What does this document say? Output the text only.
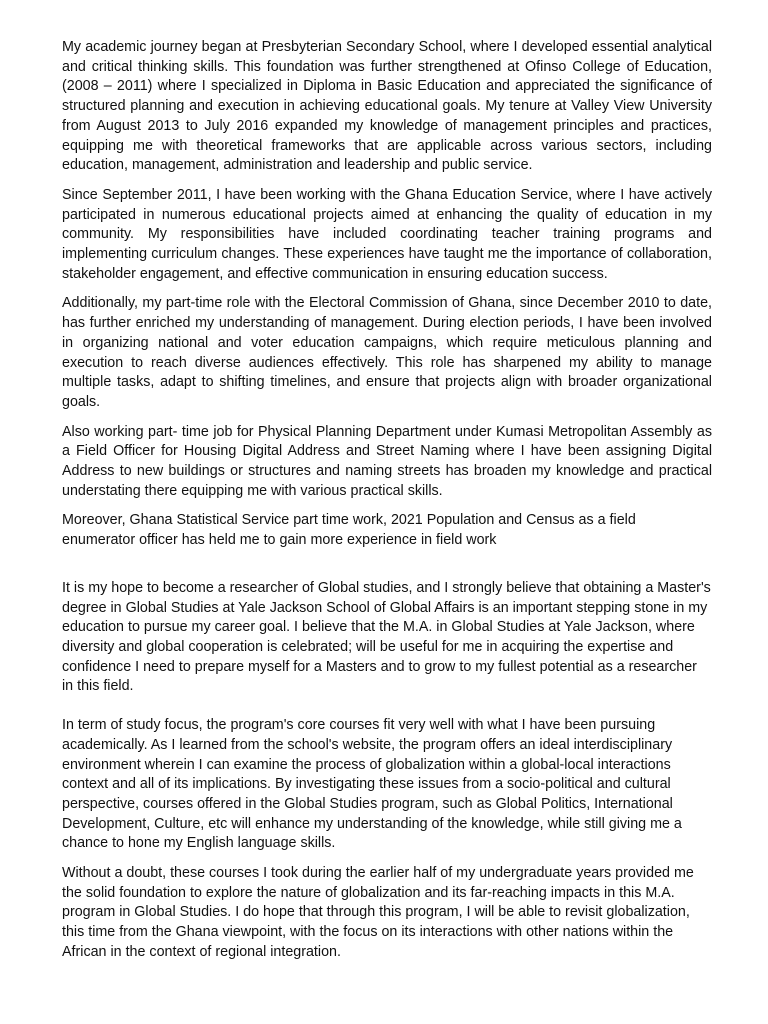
My academic journey began at Presbyterian Secondary School, where I developed essential analytical and critical thinking skills. This foundation was further strengthened at Ofinso College of Education, (2008 – 2011) where I specialized in Diploma in Basic Education and appreciated the significance of structured planning and execution in achieving educational goals. My tenure at Valley View University from August 2013 to July 2016 expanded my knowledge of management principles and practices, equipping me with theoretical frameworks that are applicable across various sectors, including education, management, administration and leadership and public service.

Since September 2011, I have been working with the Ghana Education Service, where I have actively participated in numerous educational projects aimed at enhancing the quality of education in my community. My responsibilities have included coordinating teacher training programs and implementing curriculum changes. These experiences have taught me the importance of collaboration, stakeholder engagement, and effective communication in ensuring education success.

Additionally, my part-time role with the Electoral Commission of Ghana, since December 2010 to date, has further enriched my understanding of management. During election periods, I have been involved in organizing national and voter education campaigns, which require meticulous planning and execution to reach diverse audiences effectively. This role has sharpened my ability to manage multiple tasks, adapt to shifting timelines, and ensure that projects align with broader organizational goals.

Also working part- time job for Physical Planning Department under Kumasi Metropolitan Assembly as a Field Officer for Housing Digital Address and Street Naming where I have been assigning Digital Address to new buildings or structures and naming streets has broaden my knowledge and practical understating there equipping me with various practical skills.

Moreover, Ghana Statistical Service part time work, 2021 Population and Census as a field enumerator officer has held me to gain more experience in field work

It is my hope to become a researcher of Global studies, and I strongly believe that obtaining a Master's degree in Global Studies at Yale Jackson School of Global Affairs is an important stepping stone in my education to pursue my career goal. I believe that the M.A. in Global Studies at Yale Jackson, where diversity and global cooperation is celebrated; will be useful for me in acquiring the expertise and confidence I need to prepare myself for a Masters and to grow to my fullest potential as a researcher in this field.

In term of study focus, the program's core courses fit very well with what I have been pursuing academically. As I learned from the school's website, the program offers an ideal interdisciplinary environment wherein I can examine the process of globalization within a global-local interactions context and all of its implications. By investigating these issues from a socio-political and cultural perspective, courses offered in the Global Studies program, such as Global Politics, International Development, Culture, etc will enhance my understanding of the knowledge, while still giving me a chance to hone my English language skills.

Without a doubt, these courses I took during the earlier half of my undergraduate years provided me the solid foundation to explore the nature of globalization and its far-reaching impacts in this M.A. program in Global Studies. I do hope that through this program, I will be able to revisit globalization, this time from the Ghana viewpoint, with the focus on its interactions with other nations within the African in the context of regional integration.
